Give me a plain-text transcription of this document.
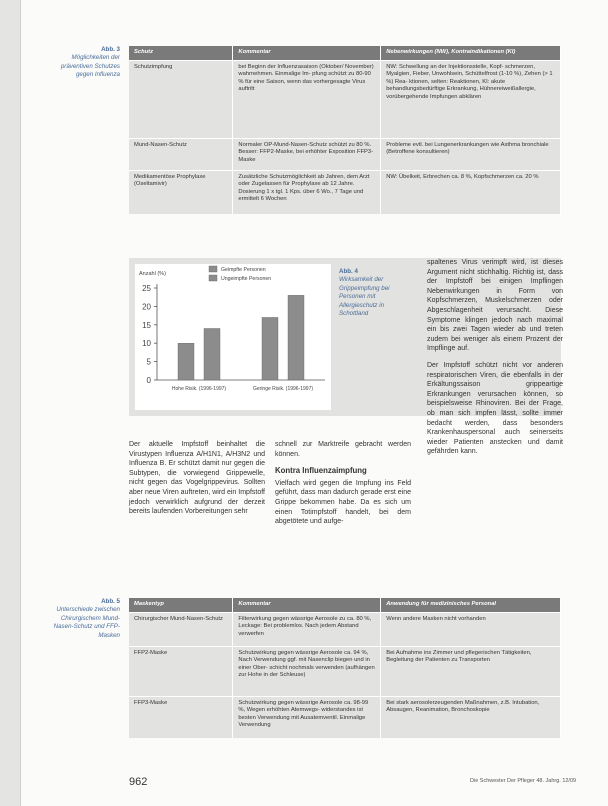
Abb. 3
Möglichkeiten der präventiven Schutzes gegen Influenza
Schutz	Kommentar	Nebenwirkungen (NW), Kontraindikationen (KI)
Schutzimpfung	bei Beginn der Influenzasaison (Oktober/ November) wahrnehmen. Einmalige Im- pfung schützt zu 80-90 % für eine Saison, wenn das vorhergesagte Virus auftritt	NW: Schwellung an der Injektionsstelle, Kopf- schmerzen, Myalgien, Fieber, Unwohlsein, Schüttelfrost (1-10 %), Zehen (> 1 %) Rea- ktionen, selten: Reaktionen, KI: akute behandlungsbedürftige Erkrankung, Hühnereiweißallergie, vorübergehende Impfungen abklären
Mund-Nasen-Schutz	Normaler OP-Mund-Nasen-Schutz schützt zu 80 %. Besser: FFP2-Maske, bei erhöhter Exposition FFP3-Maske	Probleme evtl. bei Lungenerkrankungen wie Asthma bronchiale (Betroffene konsultieren)
Medikamentöse Prophylaxe (Oseltamivir)	Zusätzliche Schutzmöglichkeit ab Jahren, dem Arzt oder Zugelassen für Prophylaxe ab 12 Jahre. Dosierung 1 x tgl. 1 Kps. über 6 Wo., 7 Tage und ermittelt 6 Wochen	NW: Übelkeit, Erbrechen ca. 8 %, Kopfschmerzen ca. 20 %
0
5
10
15
20
25
Anzahl (%)
Hohe Risik. (1996-1997)	Geringe Risik. (1996-1997)
Geimpfte Personen
Ungeimpfte Personen
Abb. 4
Wirksamkeit der Grippeimpfung bei Personen mit Allergieschutz in Schottland

Der aktuelle Impfstoff beinhaltet die Virustypen Influenza A/H1N1, A/H3N2 und Influenza B. Er schützt damit nur gegen die Subtypen, die vorwiegend Grippewelle, nicht gegen das Vogelgrippevirus. Sollten aber neue Viren auftreten, wird ein Impfstoff jedoch verwirklich aufgrund der derzeit bereits laufenden Vorbereitungen sehr

schnell zur Marktreife gebracht werden können.

Kontra Influenzaimpfung

Vielfach wird gegen die Impfung ins Feld geführt, dass man dadurch gerade erst eine Grippe bekommen habe. Da es sich um einen Totimpfstoff handelt, bei dem abgetötete und aufge-

spaltenes Virus verimpft wird, ist dieses Argument nicht stichhaltig. Richtig ist, dass der Impfstoff bei einigen Impflingen Nebenwirkungen in Form von Kopfschmerzen, Muskelschmerzen oder Abgeschlagenheit verursacht. Diese Symptome klingen jedoch nach maximal ein bis zwei Tagen wieder ab und treten zudem bei weniger als einem Prozent der Impflinge auf.

Der Impfstoff schützt nicht vor anderen respiratorischen Viren, die ebenfalls in der Erkältungssaison grippeartige Erkrankungen verursachen können, so beispielsweise Rhinoviren. Bei der Frage, ob man sich impfen lässt, sollte immer bedacht werden, dass besonders Krankenhauspersonal auch seinerseits wieder Patienten anstecken und damit gefährden kann.

Abb. 5
Unterschiede zwischen Chirurgischem Mund-Nasen-Schutz und FFP-Masken
Maskentyp	Kommentar	Anwendung für medizinisches Personal
Chirurgischer Mund-Nasen-Schutz	Filterwirkung gegen wässrige Aerosole zu ca. 80 %, Leckage: Bei problemlos. Nach jedem Abstand verwerfen	Wenn andere Masken nicht vorhanden
FFP2-Maske	Schutzwirkung gegen wässrige Aerosole ca. 94 %, Nach Verwendung ggf. mit Nasenclip biegen und in einer Ober- schicht nochmals verwenden (aufhängen zur Hohe in der Schleuse)	Bei Aufnahme ins Zimmer und pflegerischen Tätigkeiten, Begleitung der Patienten zu Transporten
FFP3-Maske	Schutzwirkung gegen wässrige Aerosole ca. 98-99 %, Wegen erhöhten Atemwegs- widerstandes ist besten Verwendung mit Ausatemventil. Einmalige Verwendung	Bei stark aerosolerzeugenden Maßnahmen, z.B. Intubation, Absaugen, Reanimation, Bronchoskopie
962	Die Schwester Der Pfleger 48. Jahrg. 12/09
